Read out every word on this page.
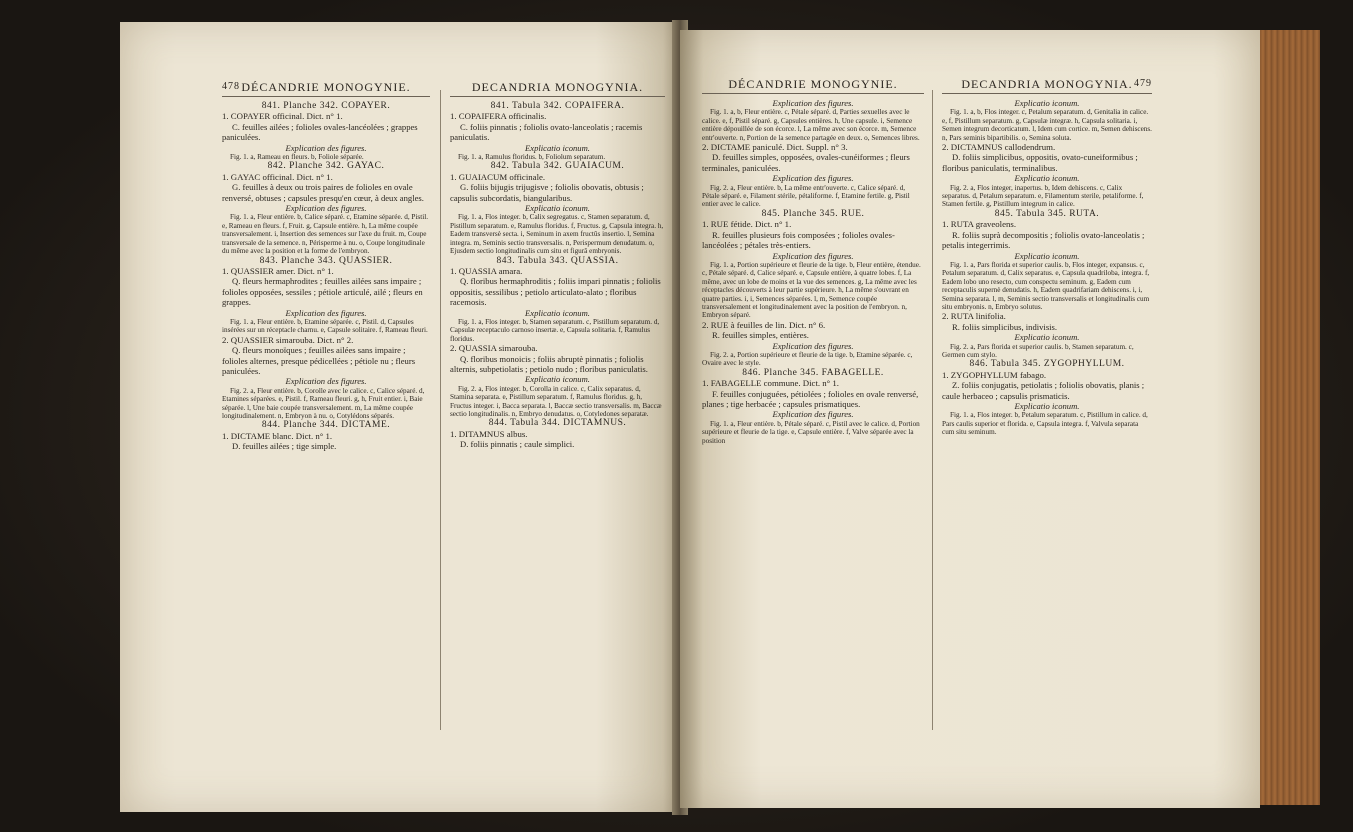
478 DÉCANDRIE MONOGYNIE.

841. Planche 342. COPAYER.

1. COPAYER officinal. Dict. n° 1.

C. feuilles ailées ; folioles ovales-lancéolées ; grappes paniculées.

Explication des figures.

Fig. 1. a, Rameau en fleurs. b, Foliole séparée.

842. Planche 342. GAYAC.

1. GAYAC officinal. Dict. n° 1.

G. feuilles à deux ou trois paires de folioles en ovale renversé, obtuses ; capsules presqu'en cœur, à deux angles.

Explication des figures.

Fig. 1. a, Fleur entière. b, Calice séparé. c, Etamine séparée. d, Pistil. e, Rameau en fleurs. f, Fruit. g, Capsule entière. h, La même coupée transversalement. i, Insertion des semences sur l'axe du fruit. m, Coupe transversale de la semence. n, Périsperme à nu. o, Coupe longitudinale du même avec la position et la forme de l'embryon.

843. Planche 343. QUASSIER.

1. QUASSIER amer. Dict. n° 1.

Q. fleurs hermaphrodites ; feuilles ailées sans impaire ; folioles opposées, sessiles ; pétiole articulé, ailé ; fleurs en grappes.

Explication des figures.

Fig. 1. a, Fleur entière. b, Etamine séparée. c, Pistil. d, Capsules insérées sur un réceptacle charnu. e, Capsule solitaire. f, Rameau fleuri.

2. QUASSIER simarouba. Dict. n° 2.

Q. fleurs monoïques ; feuilles ailées sans impaire ; folioles alternes, presque pédicellées ; pétiole nu ; fleurs paniculées.

Explication des figures.

Fig. 2. a, Fleur entière. b, Corolle avec le calice. c, Calice séparé. d, Etamines séparées. e, Pistil. f, Rameau fleuri. g, h, Fruit entier. i, Baie séparée. l, Une baie coupée transversalement. m, La même coupée longitudinalement. n, Embryon à nu. o, Cotylédons séparés.

844. Planche 344. DICTAME.

1. DICTAME blanc. Dict. n° 1.

D. feuilles ailées ; tige simple.

DECANDRIA MONOGYNIA.

841. Tabula 342. COPAIFERA.

1. COPAIFERA officinalis.

C. foliis pinnatis ; foliolis ovato-lanceolatis ; racemis paniculatis.

Explicatio iconum.

Fig. 1. a, Ramulus floridus. b, Foliolum separatum.

842. Tabula 342. GUAIACUM.

1. GUAIACUM officinale.

G. foliis bijugis trijugisve ; foliolis obovatis, obtusis ; capsulis subcordatis, biangularibus.

Explicatio iconum.

Fig. 1. a, Flos integer. b, Calix segregatus. c, Stamen separatum. d, Pistillum separatum. e, Ramulus floridus. f, Fructus. g, Capsula integra. h, Eadem transversè secta. i, Seminum in axem fructûs insertio. l, Semina integra. m, Seminis sectio transversalis. n, Perispermum denudatum. o, Ejusdem sectio longitudinalis cum situ et figurâ embryonis.

843. Tabula 343. QUASSIA.

1. QUASSIA amara.

Q. floribus hermaphroditis ; foliis impari pinnatis ; foliolis oppositis, sessilibus ; petiolo articulato-alato ; floribus racemosis.

Explicatio iconum.

Fig. 1. a, Flos integer. b, Stamen separatum. c, Pistillum separatum. d, Capsulæ receptaculo carnoso insertæ. e, Capsula solitaria. f, Ramulus floridus.

2. QUASSIA simarouba.

Q. floribus monoicis ; foliis abruptè pinnatis ; foliolis alternis, subpetiolatis ; petiolo nudo ; floribus paniculatis.

Explicatio iconum.

Fig. 2. a, Flos integer. b, Corolla in calice. c, Calix separatus. d, Stamina separata. e, Pistillum separatum. f, Ramulus floridus. g, h, Fructus integer. i, Bacca separata. l, Baccæ sectio transversalis. m, Baccæ sectio longitudinalis. n, Embryo denudatus. o, Cotyledones separatæ.

844. Tabula 344. DICTAMNUS.

1. DITAMNUS albus.

D. foliis pinnatis ; caule simplici.

DÉCANDRIE MONOGYNIE.

Explication des figures.

Fig. 1. a, b, Fleur entière. c, Pétale séparé. d, Parties sexuelles avec le calice. e, f, Pistil séparé. g, Capsules entières. h, Une capsule. i, Semence entière dépouillée de son écorce. l, La même avec son écorce. m, Semence entr'ouverte. n, Portion de la semence partagée en deux. o, Semences libres.

2. DICTAME paniculé. Dict. Suppl. n° 3.

D. feuilles simples, opposées, ovales-cunéiformes ; fleurs terminales, paniculées.

Explication des figures.

Fig. 2. a, Fleur entière. b, La même entr'ouverte. c, Calice séparé. d, Pétale séparé. e, Filament stérile, pétaliforme. f, Etamine fertile. g, Pistil entier avec le calice.

845. Planche 345. RUE.

1. RUE fétide. Dict. n° 1.

R. feuilles plusieurs fois composées ; folioles ovales-lancéolées ; pétales très-entiers.

Explication des figures.

Fig. 1. a, Portion supérieure et fleurie de la tige. b, Fleur entière, étendue. c, Pétale séparé. d, Calice séparé. e, Capsule entière, à quatre lobes. f, La même, avec un lobe de moins et la vue des semences. g, La même avec les réceptacles découverts à leur partie supérieure. h, La même s'ouvrant en quatre parties. i, i, Semences séparées. l, m, Semence coupée transversalement et longitudinalement avec la position de l'embryon. n, Embryon séparé.

2. RUE à feuilles de lin. Dict. n° 6.

R. feuilles simples, entières.

Explication des figures.

Fig. 2. a, Portion supérieure et fleurie de la tige. b, Etamine séparée. c, Ovaire avec le style.

846. Planche 345. FABAGELLE.

1. FABAGELLE commune. Dict. n° 1.

F. feuilles conjuguées, pétiolées ; folioles en ovale renversé, planes ; tige herbacée ; capsules prismatiques.

Explication des figures.

Fig. 1. a, Fleur entière. b, Pétale séparé. c, Pistil avec le calice. d, Portion supérieure et fleurie de la tige. e, Capsule entière. f, Valve séparée avec la position

DECANDRIA MONOGYNIA. 479

Explicatio iconum.

Fig. 1. a, b, Flos integer. c, Petalum separatum. d, Genitalia in calice. e, f, Pistillum separatum. g, Capsulæ integræ. h, Capsula solitaria. i, Semen integrum decorticatum. l, Idem cum cortice. m, Semen dehiscens. n, Pars seminis bipartibilis. o, Semina soluta.

2. DICTAMNUS callodendrum.

D. foliis simplicibus, oppositis, ovato-cuneiformibus ; floribus paniculatis, terminalibus.

Explicatio iconum.

Fig. 2. a, Flos integer, inapertus. b, Idem dehiscens. c, Calix separatus. d, Petalum separatum. e, Filamentum sterile, petaliforme. f, Stamen fertile. g, Pistillum integrum in calice.

845. Tabula 345. RUTA.

1. RUTA graveolens.

R. foliis suprà decompositis ; foliolis ovato-lanceolatis ; petalis integerrimis.

Explicatio iconum.

Fig. 1. a, Pars florida et superior caulis. b, Flos integer, expansus. c, Petalum separatum. d, Calix separatus. e, Capsula quadriloba, integra. f, Eadem lobo uno resecto, cum conspectu seminum. g, Eadem cum receptaculis supernè denudatis. h, Eadem quadrifariam dehiscens. i, i, Semina separata. l, m, Seminis sectio transversalis et longitudinalis cum situ embryonis. n, Embryo solutus.

2. RUTA linifolia.

R. foliis simplicibus, indivisis.

Explicatio iconum.

Fig. 2. a, Pars florida et superior caulis. b, Stamen separatum. c, Germen cum stylo.

846. Tabula 345. ZYGOPHYLLUM.

1. ZYGOPHYLLUM fabago.

Z. foliis conjugatis, petiolatis ; foliolis obovatis, planis ; caule herbaceo ; capsulis prismaticis.

Explicatio iconum.

Fig. 1. a, Flos integer. b, Petalum separatum. c, Pistillum in calice. d, Pars caulis superior et florida. e, Capsula integra. f, Valvula separata cum situ seminum.
